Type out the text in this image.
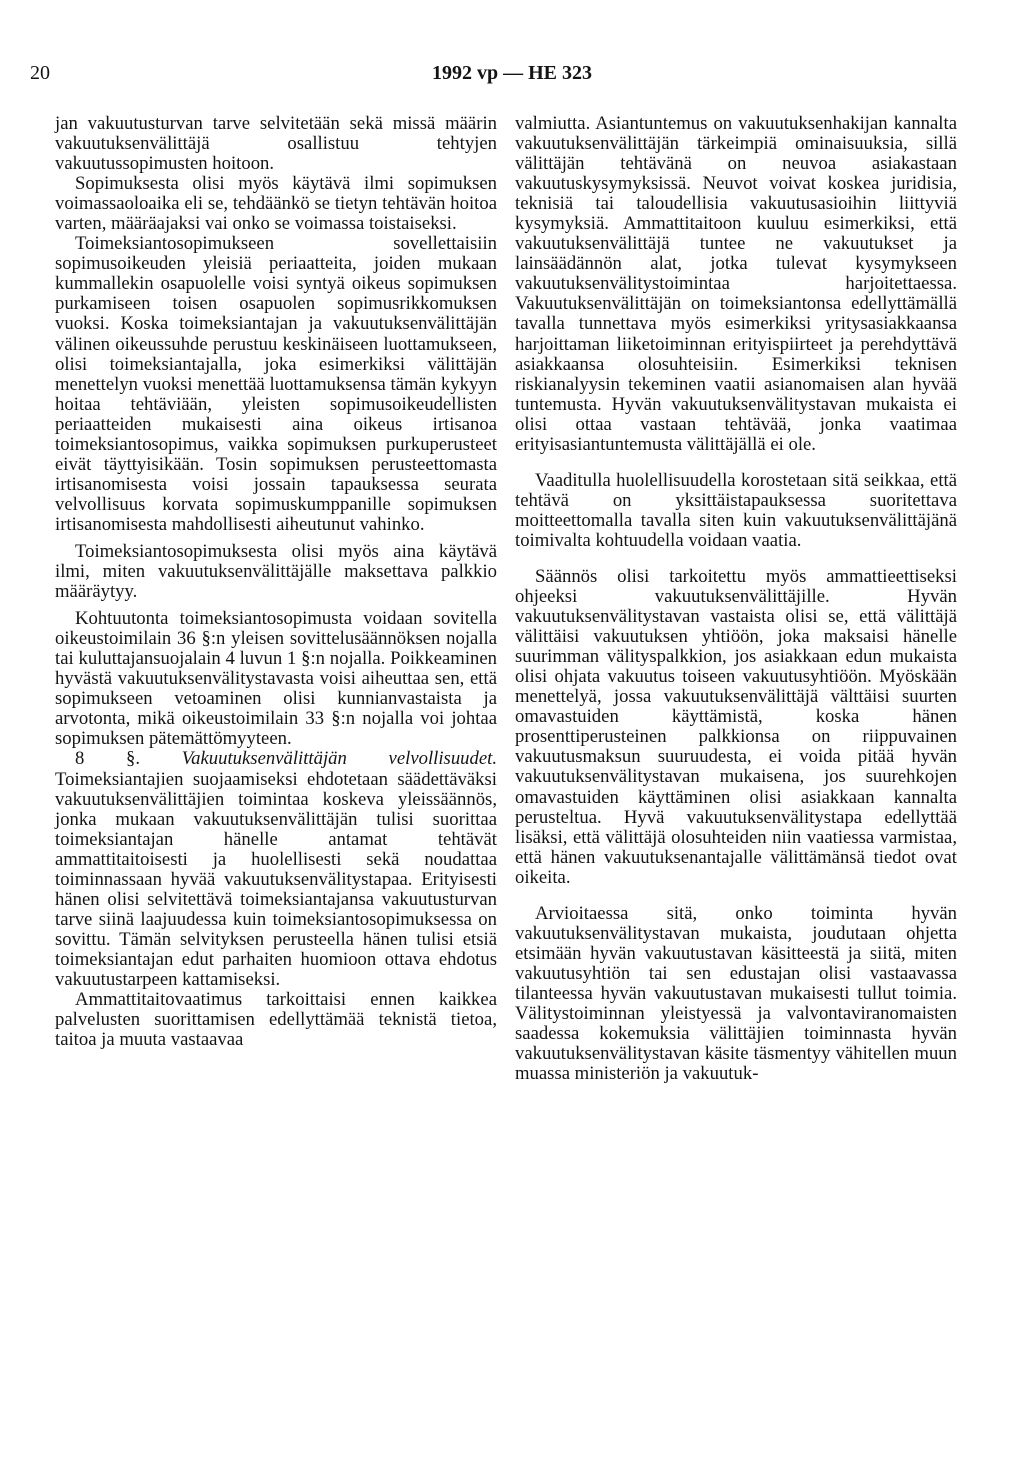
20	1992 vp — HE 323

jan vakuutusturvan tarve selvitetään sekä missä määrin vakuutuksenvälittäjä osallistuu tehtyjen vakuutussopimusten hoitoon.

Sopimuksesta olisi myös käytävä ilmi sopimuksen voimassaoloaika eli se, tehdäänkö se tietyn tehtävän hoitoa varten, määräajaksi vai onko se voimassa toistaiseksi.

Toimeksiantosopimukseen sovellettaisiin sopimusoikeuden yleisiä periaatteita, joiden mukaan kummallekin osapuolelle voisi syntyä oikeus sopimuksen purkamiseen toisen osapuolen sopimusrikkomuksen vuoksi. Koska toimeksiantajan ja vakuutuksenvälittäjän välinen oikeussuhde perustuu keskinäiseen luottamukseen, olisi toimeksiantajalla, joka esimerkiksi välittäjän menettelyn vuoksi menettää luottamuksensa tämän kykyyn hoitaa tehtäviään, yleisten sopimusoikeudellisten periaatteiden mukaisesti aina oikeus irtisanoa toimeksiantosopimus, vaikka sopimuksen purkuperusteet eivät täyttyisikään. Tosin sopimuksen perusteettomasta irtisanomisesta voisi jossain tapauksessa seurata velvollisuus korvata sopimuskumppanille sopimuksen irtisanomisesta mahdollisesti aiheutunut vahinko.

Toimeksiantosopimuksesta olisi myös aina käytävä ilmi, miten vakuutuksenvälittäjälle maksettava palkkio määräytyy.

Kohtuutonta toimeksiantosopimusta voidaan sovitella oikeustoimilain 36 §:n yleisen sovittelusäännöksen nojalla tai kuluttajansuojalain 4 luvun 1 §:n nojalla. Poikkeaminen hyvästä vakuutuksenvälitystavasta voisi aiheuttaa sen, että sopimukseen vetoaminen olisi kunnianvastaista ja arvotonta, mikä oikeustoimilain 33 §:n nojalla voi johtaa sopimuksen pätemättömyyteen.

8 §. Vakuutuksenvälittäjän velvollisuudet. Toimeksiantajien suojaamiseksi ehdotetaan säädettäväksi vakuutuksenvälittäjien toimintaa koskeva yleissäännös, jonka mukaan vakuutuksenvälittäjän tulisi suorittaa toimeksiantajan hänelle antamat tehtävät ammattitaitoisesti ja huolellisesti sekä noudattaa toiminnassaan hyvää vakuutuksenvälitystapaa. Erityisesti hänen olisi selvitettävä toimeksiantajansa vakuutusturvan tarve siinä laajuudessa kuin toimeksiantosopimuksessa on sovittu. Tämän selvityksen perusteella hänen tulisi etsiä toimeksiantajan edut parhaiten huomioon ottava ehdotus vakuutustarpeen kattamiseksi.

Ammattitaitovaatimus tarkoittaisi ennen kaikkea palvelusten suorittamisen edellyttämää teknistä tietoa, taitoa ja muuta vastaavaa

valmiutta. Asiantuntemus on vakuutuksenhakijan kannalta vakuutuksenvälittäjän tärkeimpiä ominaisuuksia, sillä välittäjän tehtävänä on neuvoa asiakastaan vakuutuskysymyksissä. Neuvot voivat koskea juridisia, teknisiä tai taloudellisia vakuutusasioihin liittyviä kysymyksiä. Ammattitaitoon kuuluu esimerkiksi, että vakuutuksenvälittäjä tuntee ne vakuutukset ja lainsäädännön alat, jotka tulevat kysymykseen vakuutuksenvälitystoimintaa harjoitettaessa. Vakuutuksenvälittäjän on toimeksiantonsa edellyttämällä tavalla tunnettava myös esimerkiksi yritysasiakkaansa harjoittaman liiketoiminnan erityispiirteet ja perehdyttävä asiakkaansa olosuhteisiin. Esimerkiksi teknisen riskianalyysin tekeminen vaatii asianomaisen alan hyvää tuntemusta. Hyvän vakuutuksenvälitystavan mukaista ei olisi ottaa vastaan tehtävää, jonka vaatimaa erityisasiantuntemusta välittäjällä ei ole.

Vaaditulla huolellisuudella korostetaan sitä seikkaa, että tehtävä on yksittäistapauksessa suoritettava moitteettomalla tavalla siten kuin vakuutuksenvälittäjänä toimivalta kohtuudella voidaan vaatia.

Säännös olisi tarkoitettu myös ammattieettiseksi ohjeeksi vakuutuksenvälittäjille. Hyvän vakuutuksenvälitystavan vastaista olisi se, että välittäjä välittäisi vakuutuksen yhtiöön, joka maksaisi hänelle suurimman välityspalkkion, jos asiakkaan edun mukaista olisi ohjata vakuutus toiseen vakuutusyhtiöön. Myöskään menettelyä, jossa vakuutuksenvälittäjä välttäisi suurten omavastuiden käyttämistä, koska hänen prosenttiperusteinen palkkionsa on riippuvainen vakuutusmaksun suuruudesta, ei voida pitää hyvän vakuutuksenvälitystavan mukaisena, jos suurehkojen omavastuiden käyttäminen olisi asiakkaan kannalta perusteltua. Hyvä vakuutuksenvälitystapa edellyttää lisäksi, että välittäjä olosuhteiden niin vaatiessa varmistaa, että hänen vakuutuksenantajalle välittämänsä tiedot ovat oikeita.

Arvioitaessa sitä, onko toiminta hyvän vakuutuksenvälitystavan mukaista, joudutaan ohjetta etsimään hyvän vakuutustavan käsitteestä ja siitä, miten vakuutusyhtiön tai sen edustajan olisi vastaavassa tilanteessa hyvän vakuutustavan mukaisesti tullut toimia. Välitystoiminnan yleistyessä ja valvontaviranomaisten saadessa kokemuksia välittäjien toiminnasta hyvän vakuutuksenvälitystavan käsite täsmentyy vähitellen muun muassa ministeriön ja vakuutuk-
